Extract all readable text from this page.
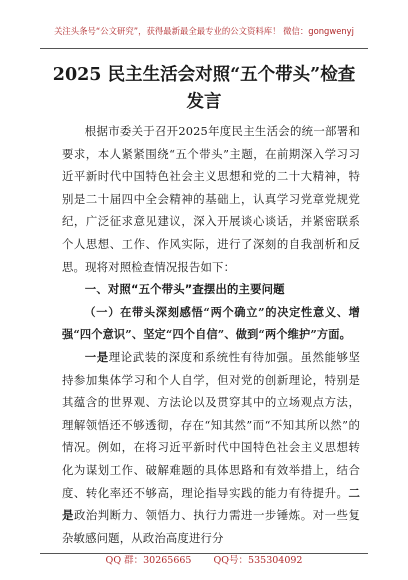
关注头条号“公文研究”，获得最新最全最专业的公文资料库！ 微信：gongwenyj
2025 民主生活会对照“五个带头”检查
发言

根据市委关于召开2025年度民主生活会的统一部署和要求，本人紧紧围绕“五个带头”主题，在前期深入学习习近平新时代中国特色社会主义思想和党的二十大精神，特别是二十届四中全会精神的基础上，认真学习党章党规党纪，广泛征求意见建议，深入开展谈心谈话，并紧密联系个人思想、工作、作风实际，进行了深刻的自我剖析和反思。现将对照检查情况报告如下：

一、对照“五个带头”查摆出的主要问题

（一）在带头深刻感悟“两个确立”的决定性意义、增强“四个意识”、坚定“四个自信”、做到“两个维护”方面。

一是理论武装的深度和系统性有待加强。虽然能够坚持参加集体学习和个人自学，但对党的创新理论，特别是其蕴含的世界观、方法论以及贯穿其中的立场观点方法，理解领悟还不够透彻，存在“知其然”而“不知其所以然”的情况。例如，在将习近平新时代中国特色社会主义思想转化为谋划工作、破解难题的具体思路和有效举措上，结合度、转化率还不够高，理论指导实践的能力有待提升。二是政治判断力、领悟力、执行力需进一步锤炼。对一些复杂敏感问题，从政治高度进行分

QQ 群：30265665 QQ号：535304092
